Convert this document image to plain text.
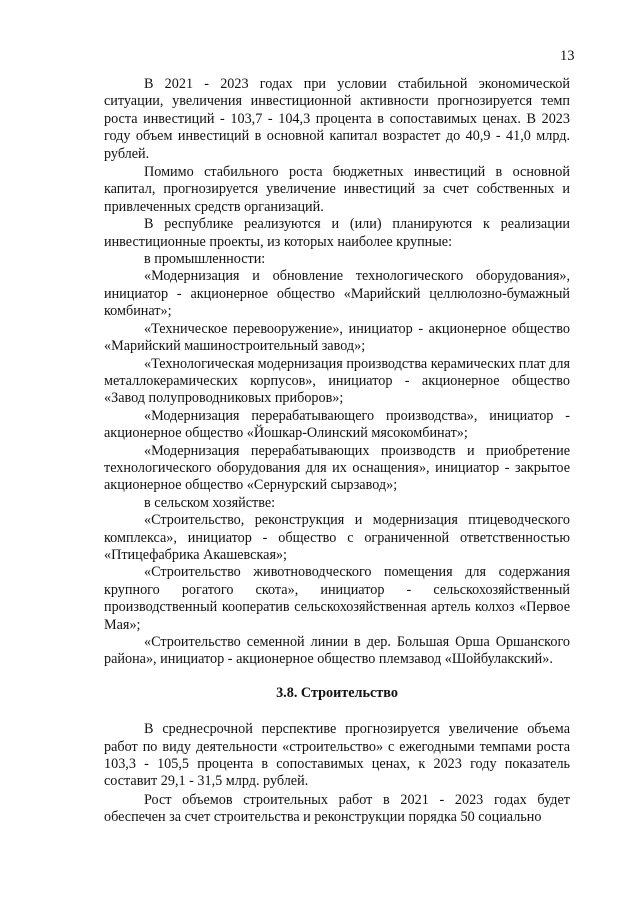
13

В 2021 - 2023 годах при условии стабильной экономической ситуации, увеличения инвестиционной активности прогнозируется темп роста инвестиций - 103,7 - 104,3 процента в сопоставимых ценах. В 2023 году объем инвестиций в основной капитал возрастет до 40,9 - 41,0 млрд. рублей.

Помимо стабильного роста бюджетных инвестиций в основной капитал, прогнозируется увеличение инвестиций за счет собственных и привлеченных средств организаций.

В республике реализуются и (или) планируются к реализации инвестиционные проекты, из которых наиболее крупные:

в промышленности:

«Модернизация и обновление технологического оборудования», инициатор - акционерное общество «Марийский целлюлозно-бумажный комбинат»;

«Техническое перевооружение», инициатор - акционерное общество «Марийский машиностроительный завод»;

«Технологическая модернизация производства керамических плат для металлокерамических корпусов», инициатор - акционерное общество «Завод полупроводниковых приборов»;

«Модернизация перерабатывающего производства», инициатор - акционерное общество «Йошкар-Олинский мясокомбинат»;

«Модернизация перерабатывающих производств и приобретение технологического оборудования для их оснащения», инициатор - закрытое акционерное общество «Сернурский сырзавод»;

в сельском хозяйстве:

«Строительство, реконструкция и модернизация птицеводческого комплекса», инициатор - общество с ограниченной ответственностью «Птицефабрика Акашевская»;

«Строительство животноводческого помещения для содержания крупного рогатого скота», инициатор - сельскохозяйственный производственный кооператив сельскохозяйственная артель колхоз «Первое Мая»;

«Строительство семенной линии в дер. Большая Орша Оршанского района», инициатор - акционерное общество племзавод «Шойбулакский».

3.8. Строительство

В среднесрочной перспективе прогнозируется увеличение объема работ по виду деятельности «строительство» с ежегодными темпами роста 103,3 - 105,5 процента в сопоставимых ценах, к 2023 году показатель составит 29,1 - 31,5 млрд. рублей.

Рост объемов строительных работ в 2021 - 2023 годах будет обеспечен за счет строительства и реконструкции порядка 50 социально
